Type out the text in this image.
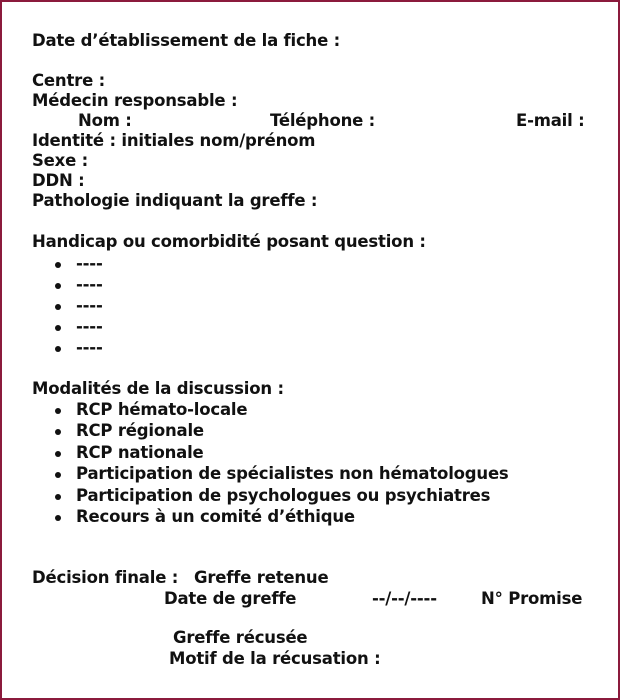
Date d’établissement de la fiche :
Centre :
Médecin responsable :
Nom :	Téléphone :	E-mail :
Identité : initiales nom/prénom
Sexe :
DDN :
Pathologie indiquant la greffe :
Handicap ou comorbidité posant question :
----
----
----
----
----
Modalités de la discussion :
RCP hémato-locale
RCP régionale
RCP nationale
Participation de spécialistes non hématologues
Participation de psychologues ou psychiatres
Recours à un comité d’éthique
Décision finale : Greffe retenue
Date de greffe	--/--/----	N° Promise
Greffe récusée
Motif de la récusation :
